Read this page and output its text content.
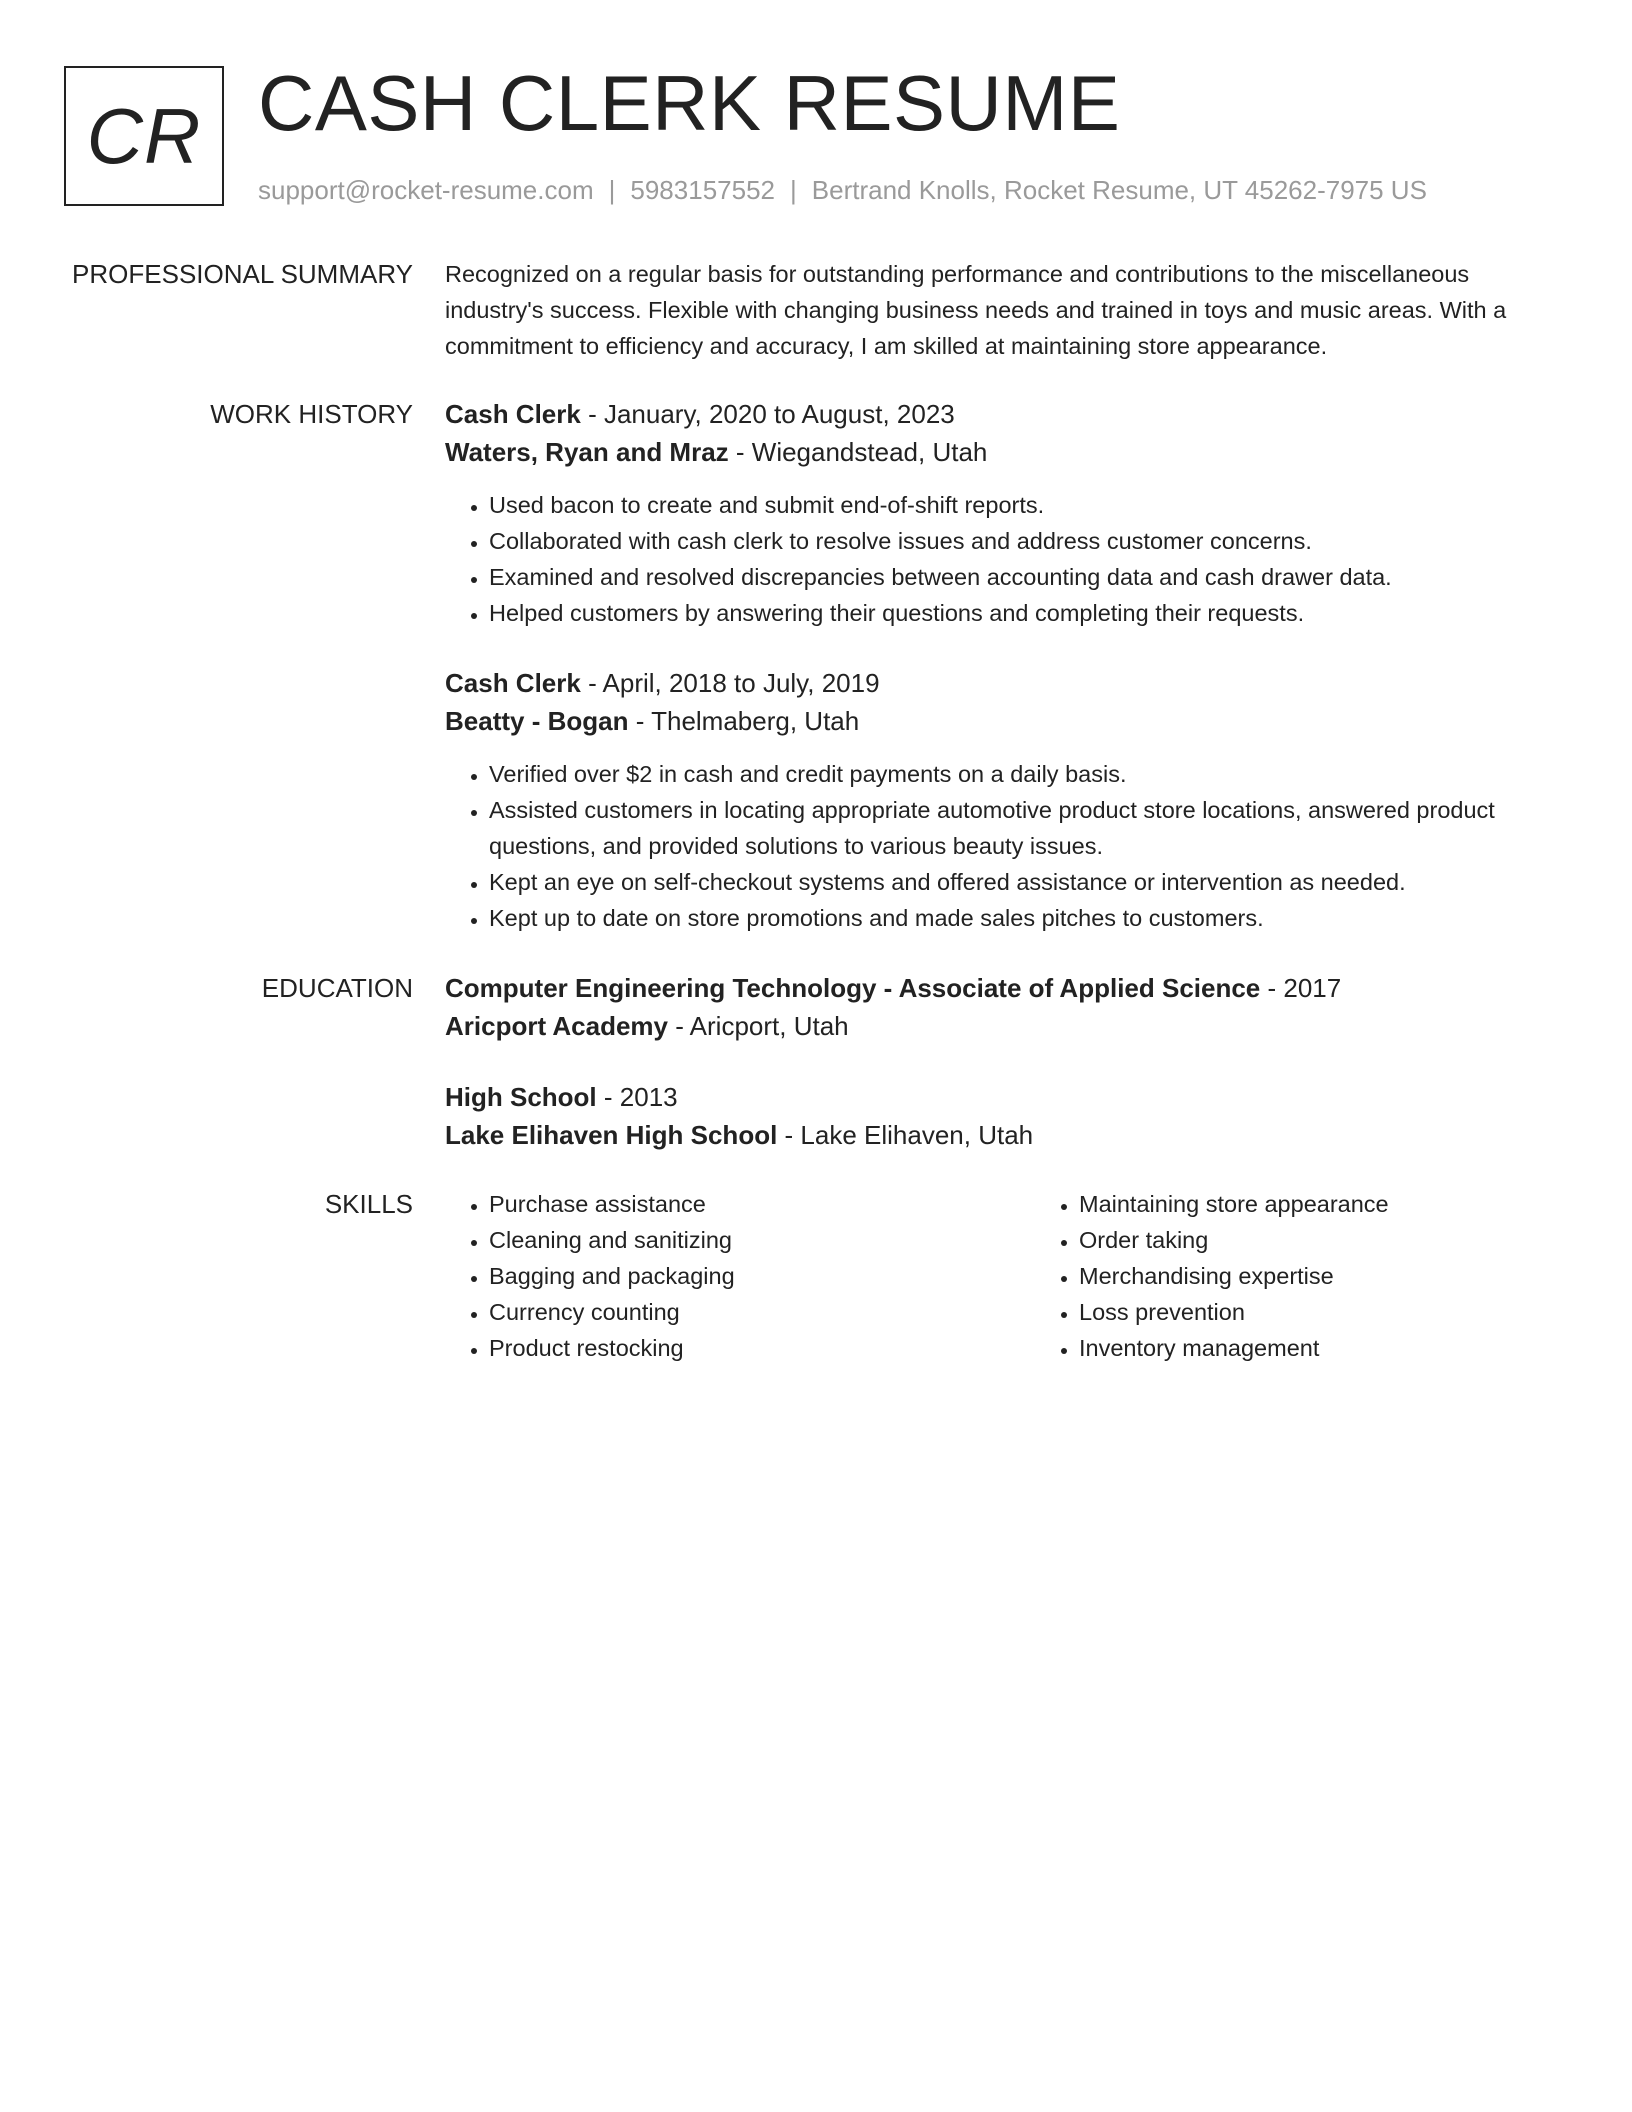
CR CASH CLERK RESUME
support@rocket-resume.com | 5983157552 | Bertrand Knolls, Rocket Resume, UT 45262-7975 US
PROFESSIONAL SUMMARY Recognized on a regular basis for outstanding performance and contributions to the miscellaneous industry's success. Flexible with changing business needs and trained in toys and music areas. With a commitment to efficiency and accuracy, I am skilled at maintaining store appearance.

WORK HISTORY Cash Clerk - January, 2020 to August, 2023

Waters, Ryan and Mraz - Wiegandstead, Utah

• Used bacon to create and submit end-of-shift reports.
• Collaborated with cash clerk to resolve issues and address customer concerns.
• Examined and resolved discrepancies between accounting data and cash drawer data.
• Helped customers by answering their questions and completing their requests.

Cash Clerk - April, 2018 to July, 2019

Beatty - Bogan - Thelmaberg, Utah

• Verified over $2 in cash and credit payments on a daily basis.
• Assisted customers in locating appropriate automotive product store locations, answered product questions, and provided solutions to various beauty issues.
• Kept an eye on self-checkout systems and offered assistance or intervention as needed.
• Kept up to date on store promotions and made sales pitches to customers.
EDUCATION Computer Engineering Technology - Associate of Applied Science - 2017

Aricport Academy - Aricport, Utah

High School - 2013

Lake Elihaven High School - Lake Elihaven, Utah

SKILLS
•	Purchase assistance
• Cleaning and sanitizing
• Bagging and packaging
• Currency counting
• Product restocking
• Maintaining store appearance
• Order taking
• Merchandising expertise
• Loss prevention
• Inventory management
